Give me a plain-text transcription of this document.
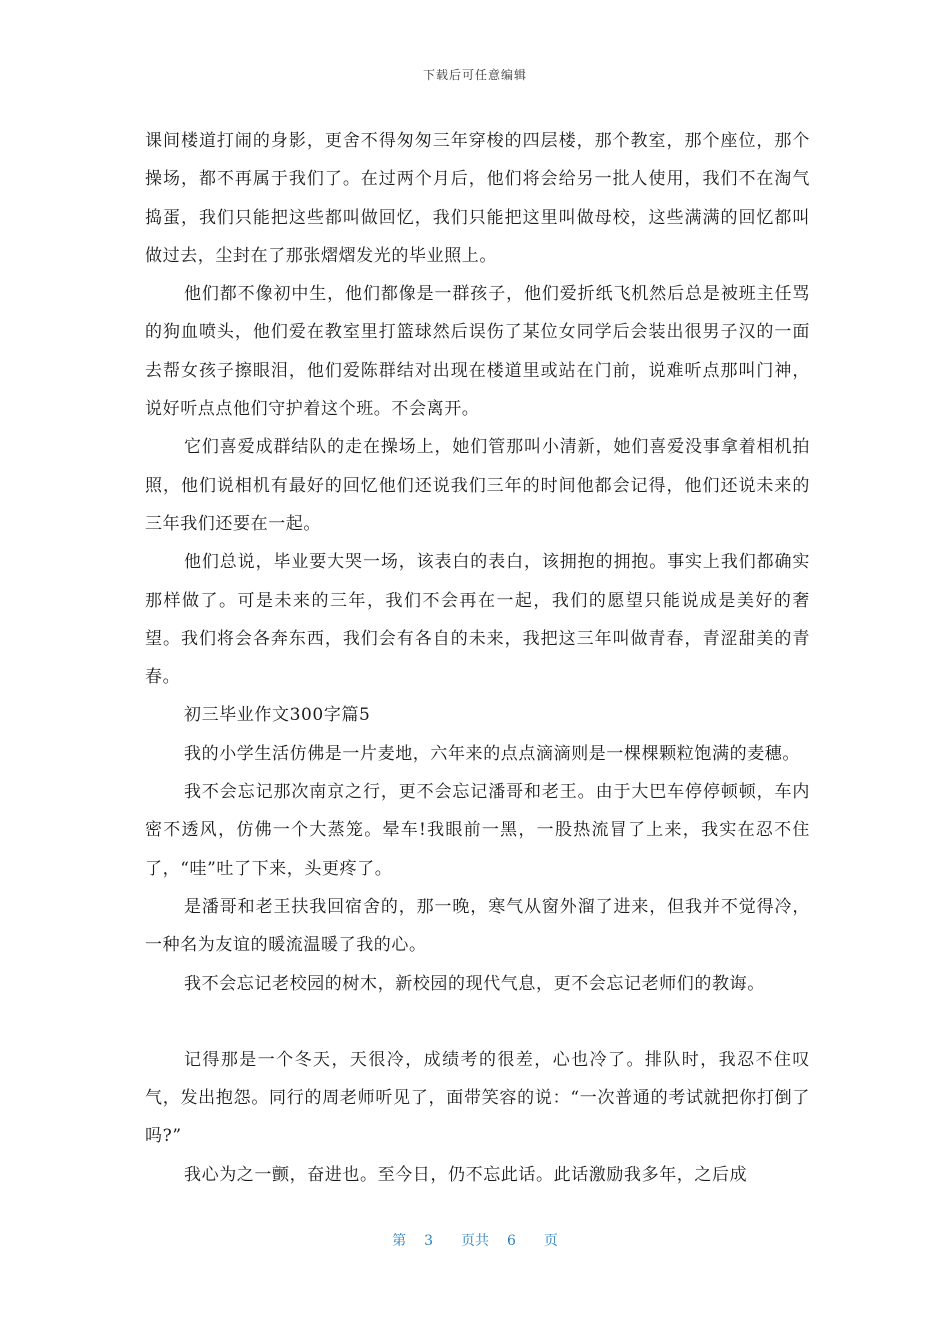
下载后可任意编辑

课间楼道打闹的身影，更舍不得匆匆三年穿梭的四层楼，那个教室，那个座位，那个操场，都不再属于我们了。在过两个月后，他们将会给另一批人使用，我们不在淘气捣蛋，我们只能把这些都叫做回忆，我们只能把这里叫做母校，这些满满的回忆都叫做过去，尘封在了那张熠熠发光的毕业照上。

他们都不像初中生，他们都像是一群孩子，他们爱折纸飞机然后总是被班主任骂的狗血喷头，他们爱在教室里打篮球然后误伤了某位女同学后会装出很男子汉的一面去帮女孩子擦眼泪，他们爱陈群结对出现在楼道里或站在门前，说难听点那叫门神，说好听点点他们守护着这个班。不会离开。

它们喜爱成群结队的走在操场上，她们管那叫小清新，她们喜爱没事拿着相机拍照，他们说相机有最好的回忆他们还说我们三年的时间他都会记得，他们还说未来的三年我们还要在一起。

他们总说，毕业要大哭一场，该表白的表白，该拥抱的拥抱。事实上我们都确实那样做了。可是未来的三年，我们不会再在一起，我们的愿望只能说成是美好的奢望。我们将会各奔东西，我们会有各自的未来，我把这三年叫做青春，青涩甜美的青春。

初三毕业作文300字篇5

我的小学生活仿佛是一片麦地，六年来的点点滴滴则是一棵棵颗粒饱满的麦穗。

我不会忘记那次南京之行，更不会忘记潘哥和老王。由于大巴车停停顿顿，车内密不透风，仿佛一个大蒸笼。晕车!我眼前一黑，一股热流冒了上来，我实在忍不住了，“哇”吐了下来，头更疼了。

是潘哥和老王扶我回宿舍的，那一晚，寒气从窗外溜了进来，但我并不觉得冷，一种名为友谊的暖流温暖了我的心。

我不会忘记老校园的树木，新校园的现代气息，更不会忘记老师们的教诲。

记得那是一个冬天，天很冷，成绩考的很差，心也冷了。排队时，我忍不住叹气，发出抱怨。同行的周老师听见了，面带笑容的说：“一次普通的考试就把你打倒了吗?”

我心为之一颤，奋进也。至今日，仍不忘此话。此话激励我多年，之后成

第 3 页共 6 页
